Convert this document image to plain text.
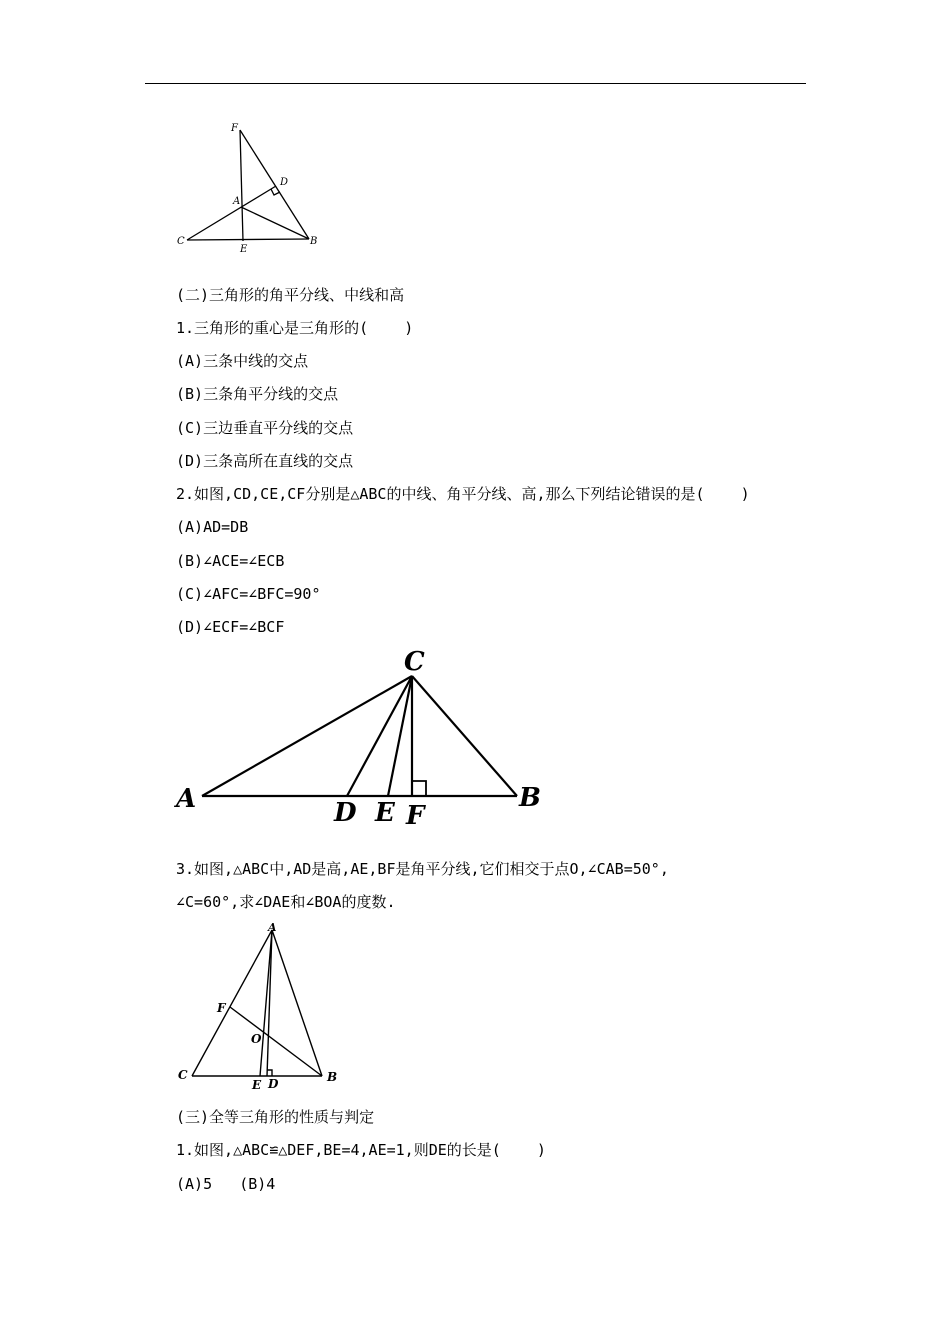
F
D
A
C
E
B
(二)三角形的角平分线、中线和高
1.三角形的重心是三角形的(    )
(A)三条中线的交点
(B)三条角平分线的交点
(C)三边垂直平分线的交点
(D)三条高所在直线的交点
2.如图,CD,CE,CF分别是△ABC的中线、角平分线、高,那么下列结论错误的是(    )
(A)AD=DB
(B)∠ACE=∠ECB
(C)∠AFC=∠BFC=90°
(D)∠ECF=∠BCF
C
A	D E F
B
3.如图,△ABC中,AD是高,AE,BF是角平分线,它们相交于点O,∠CAB=50°,
∠C=60°,求∠DAE和∠BOA的度数.
A
F
O
C
E D	B
(三)全等三角形的性质与判定
1.如图,△ABC≌△DEF,BE=4,AE=1,则DE的长是(    )
(A)5   (B)4
